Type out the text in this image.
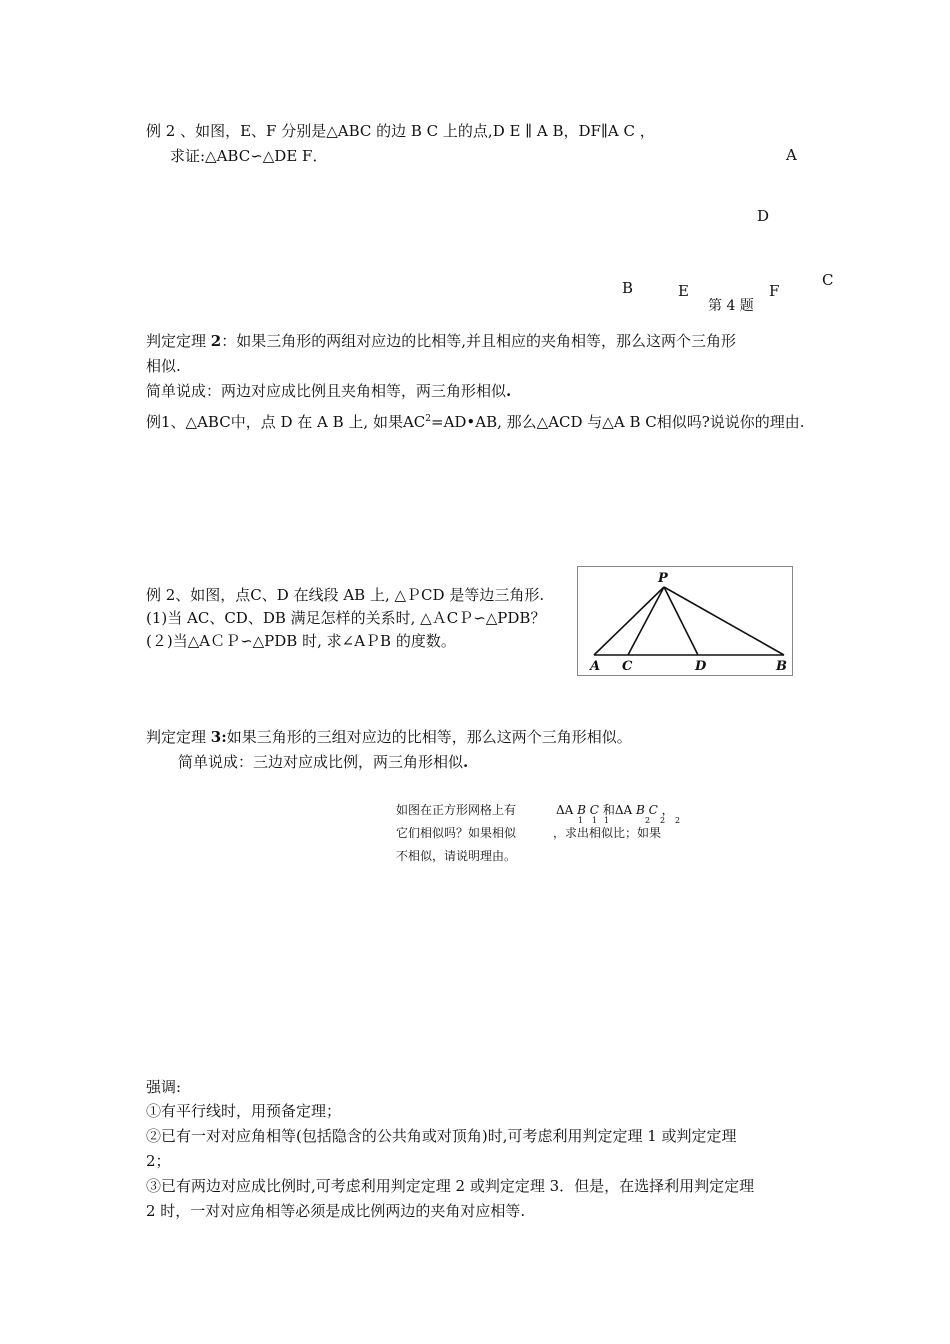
例 2 、如图，E、F 分别是△ABC 的边 B C 上的点,D E ∥ A B，DF∥A C ，
求证:△ABC∽△DE F．	A
D
C
B	E	F
第 4 题
判定定理 2：如果三角形的两组对应边的比相等,并且相应的夹角相等，那么这两个三角形
相似.
简单说成：两边对应成比例且夹角相等，两三角形相似.
例1、△ABC中，点 D 在 A B 上, 如果$AC^2=AD•AB$, 那么△ACD 与△A B C相似吗?说说你的理由.
例 2、如图，点C、D 在线段 AB 上, △ＰCD 是等边三角形.
(1)当 AC、CD、DB 满足怎样的关系时, △ＡCＰ∽△PDB？
(２)当△AＣＰ∽△PDB 时, 求∠AＰB 的度数。
P
A C	D	B
判定定理 3:如果三角形的三组对应边的比相等，那么这两个三角形相似。
简单说成：三边对应成比例，两三角形相似.
如图在正方形网格上有
它们相似吗？如果相似
不相似，请说明理由。
ΔA B C 和ΔA B C ，
1 1 1	2 2 2
，求出相似比；如果
强调:
①有平行线时，用预备定理；
②已有一对对应角相等(包括隐含的公共角或对顶角)时,可考虑利用判定定理 1 或判定定理
2；
③已有两边对应成比例时,可考虑利用判定定理 2 或判定定理 3．但是，在选择利用判定定理
2 时，一对对应角相等必须是成比例两边的夹角对应相等.
